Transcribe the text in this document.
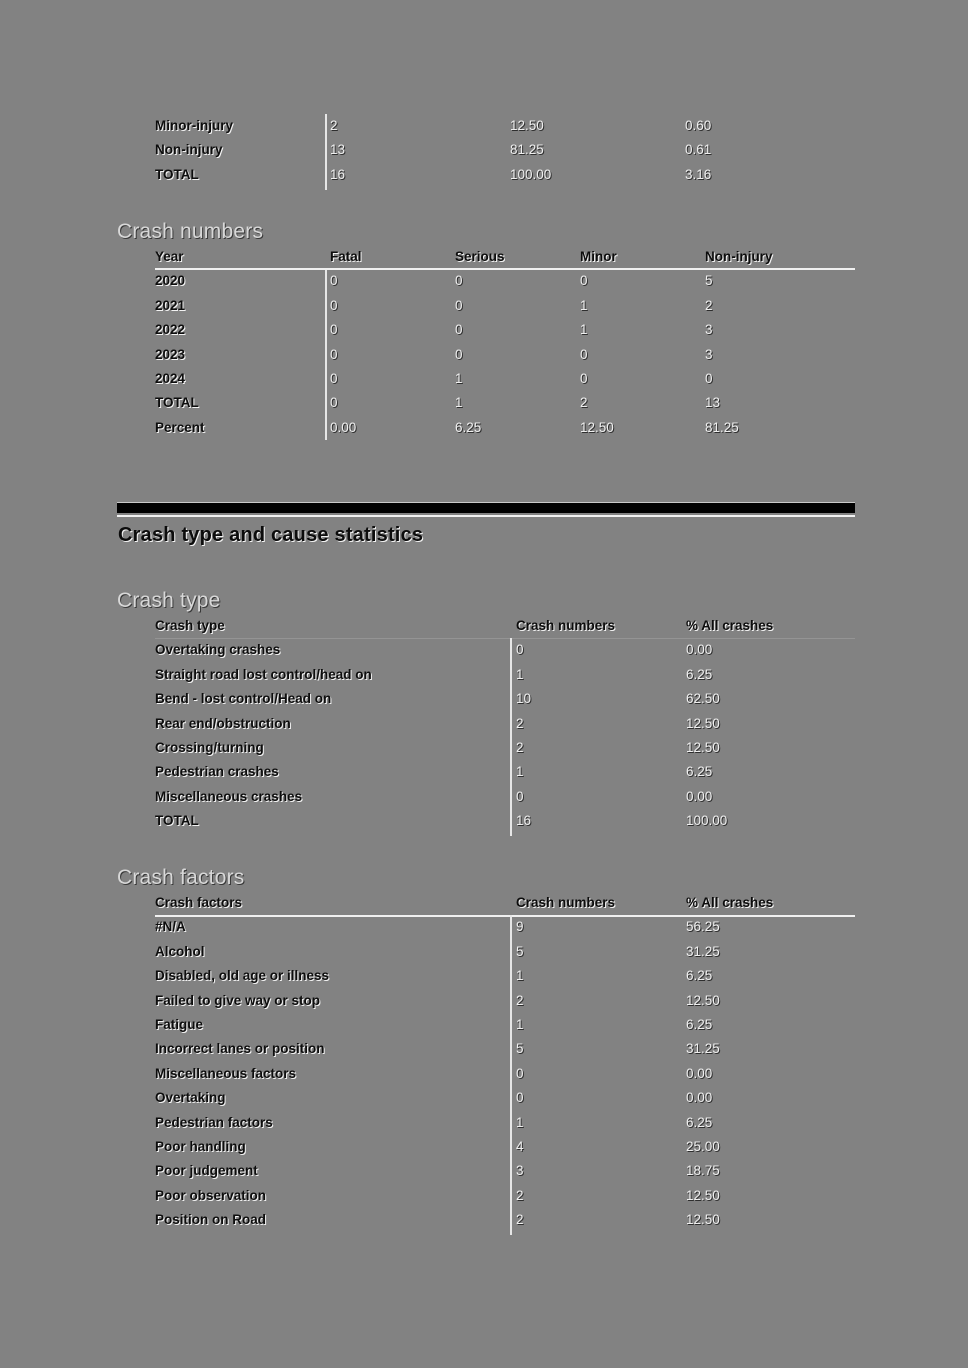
Minor-injury	2	12.50	0.60
Non-injury	13	81.25	0.61
TOTAL	16	100.00	3.16
Crash numbers
Year	Fatal	Serious	Minor	Non-injury
2020	0	0	0	5
2021	0	0	1	2
2022	0	0	1	3
2023	0	0	0	3
2024	0	1	0	0
TOTAL	0	1	2	13
Percent	0.00	6.25	12.50	81.25
Crash type and cause statistics
Crash type
Crash type	Crash numbers	% All crashes
Overtaking crashes	0	0.00
Straight road lost control/head on	1	6.25
Bend - lost control/Head on	10	62.50
Rear end/obstruction	2	12.50
Crossing/turning	2	12.50
Pedestrian crashes	1	6.25
Miscellaneous crashes	0	0.00
TOTAL	16	100.00
Crash factors
Crash factors	Crash numbers	% All crashes
#N/A	9	56.25
Alcohol	5	31.25
Disabled, old age or illness	1	6.25
Failed to give way or stop	2	12.50
Fatigue	1	6.25
Incorrect lanes or position	5	31.25
Miscellaneous factors	0	0.00
Overtaking	0	0.00
Pedestrian factors	1	6.25
Poor handling	4	25.00
Poor judgement	3	18.75
Poor observation	2	12.50
Position on Road	2	12.50
